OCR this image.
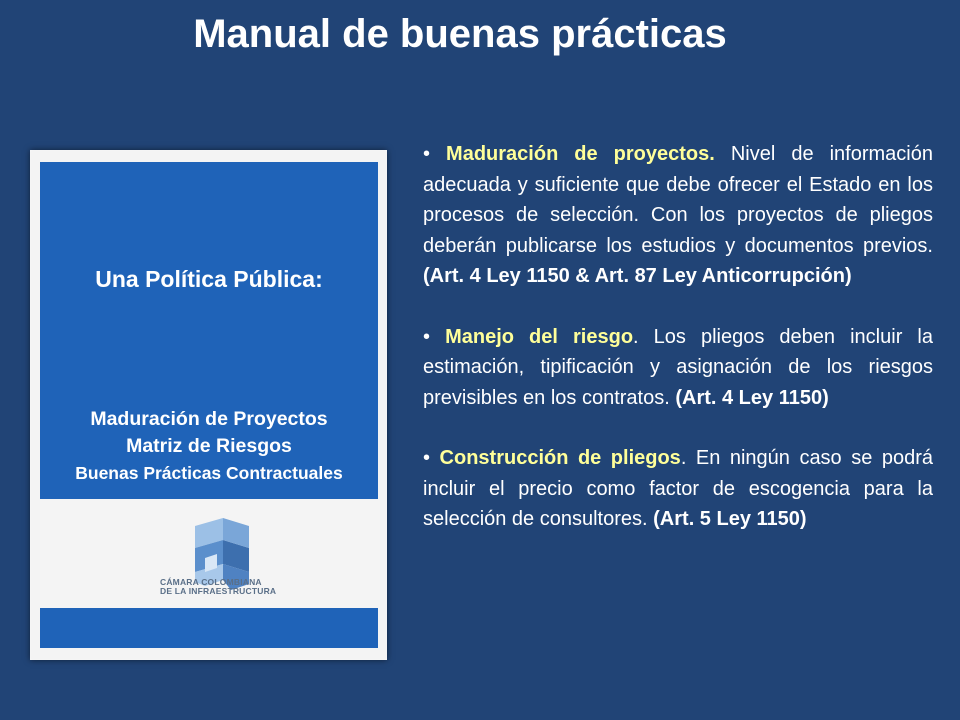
Manual de buenas prácticas
Una Política Pública:
Maduración de Proyectos
Matriz de Riesgos
Buenas Prácticas Contractuales
CÁMARA COLOMBIANA
DE LA INFRAESTRUCTURA

• Maduración de proyectos. Nivel de información adecuada y suficiente que debe ofrecer el Estado en los procesos de selección. Con los proyectos de pliegos deberán publicarse los estudios y documentos previos. (Art. 4 Ley 1150 & Art. 87 Ley Anticorrupción)

• Manejo del riesgo. Los pliegos deben incluir la estimación, tipificación y asignación de los riesgos previsibles en los contratos. (Art. 4 Ley 1150)

• Construcción de pliegos. En ningún caso se podrá incluir el precio como factor de escogencia para la selección de consultores. (Art. 5 Ley 1150)
